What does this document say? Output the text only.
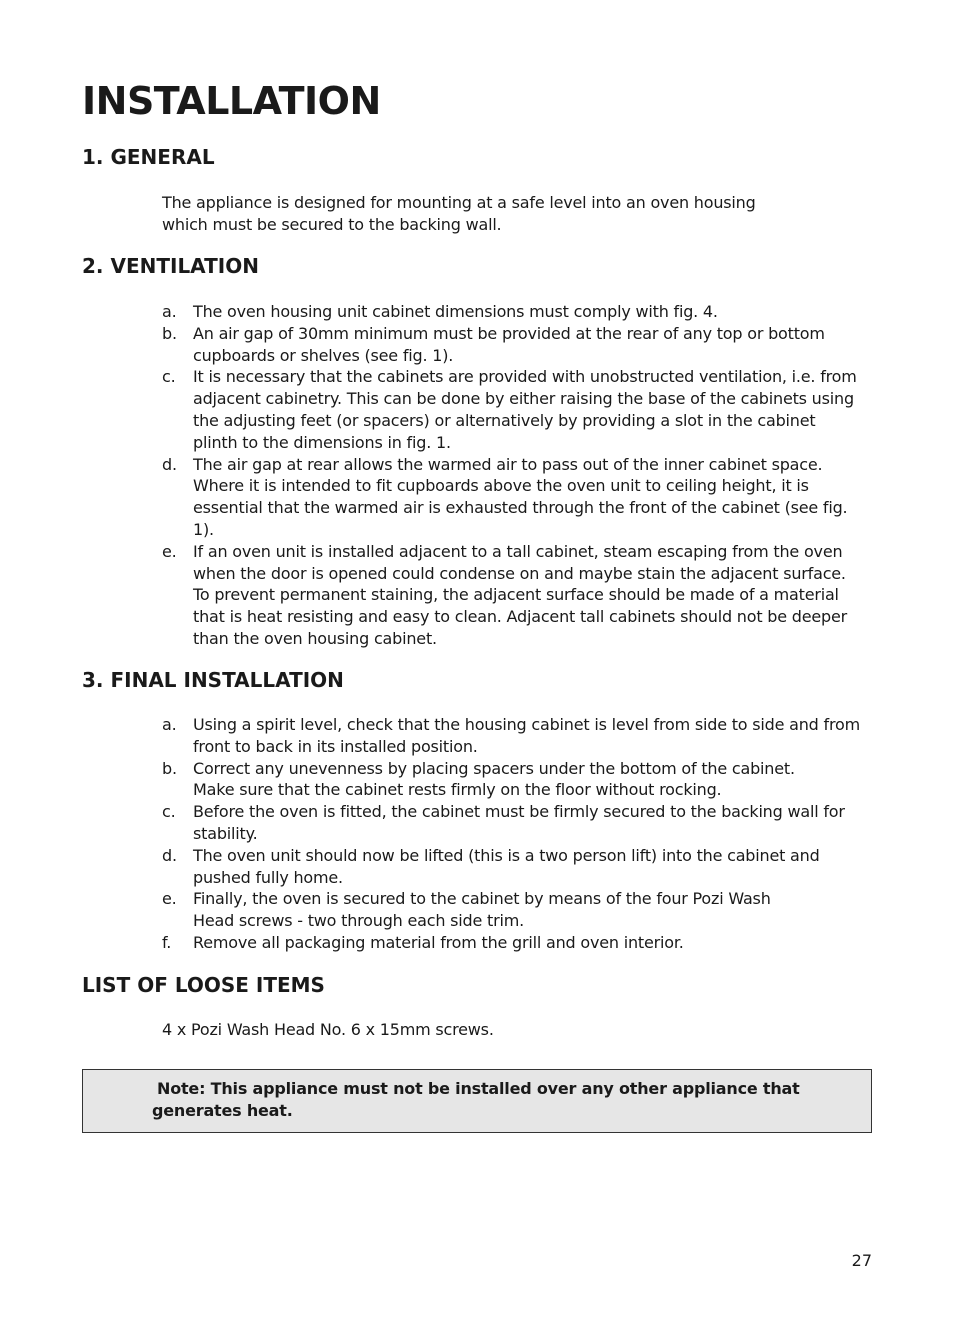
INSTALLATION
1. GENERAL

The appliance is designed for mounting at a safe level into an oven housing
which must be secured to the backing wall.

2. VENTILATION
a. The oven housing unit cabinet dimensions must comply with fig. 4.
b. An air gap of 30mm minimum must be provided at the rear of any top or bottom
cupboards or shelves (see fig. 1).
c. It is necessary that the cabinets are provided with unobstructed ventilation, i.e. from
adjacent cabinetry. This can be done by either raising the base of the cabinets using
the adjusting feet (or spacers) or alternatively by providing a slot in the cabinet
plinth to the dimensions in fig. 1.
d. The air gap at rear allows the warmed air to pass out of the inner cabinet space.
Where it is intended to fit cupboards above the oven unit to ceiling height, it is
essential that the warmed air is exhausted through the front of the cabinet (see fig.
1).
e. If an oven unit is installed adjacent to a tall cabinet, steam escaping from the oven
when the door is opened could condense on and maybe stain the adjacent surface.
To prevent permanent staining, the adjacent surface should be made of a material
that is heat resisting and easy to clean. Adjacent tall cabinets should not be deeper
than the oven housing cabinet.
3. FINAL INSTALLATION
a. Using a spirit level, check that the housing cabinet is level from side to side and from
front to back in its installed position.
b. Correct any unevenness by placing spacers under the bottom of the cabinet.
Make sure that the cabinet rests firmly on the floor without rocking.
c. Before the oven is fitted, the cabinet must be firmly secured to the backing wall for
stability.
d. The oven unit should now be lifted (this is a two person lift) into the cabinet and
pushed fully home.
e. Finally, the oven is secured to the cabinet by means of the four Pozi Wash
Head screws - two through each side trim.
f. Remove all packaging material from the grill and oven interior.
LIST OF LOOSE ITEMS

4 x Pozi Wash Head No. 6 x 15mm screws.

Note: This appliance must not be installed over any other appliance that
generates heat.

27
